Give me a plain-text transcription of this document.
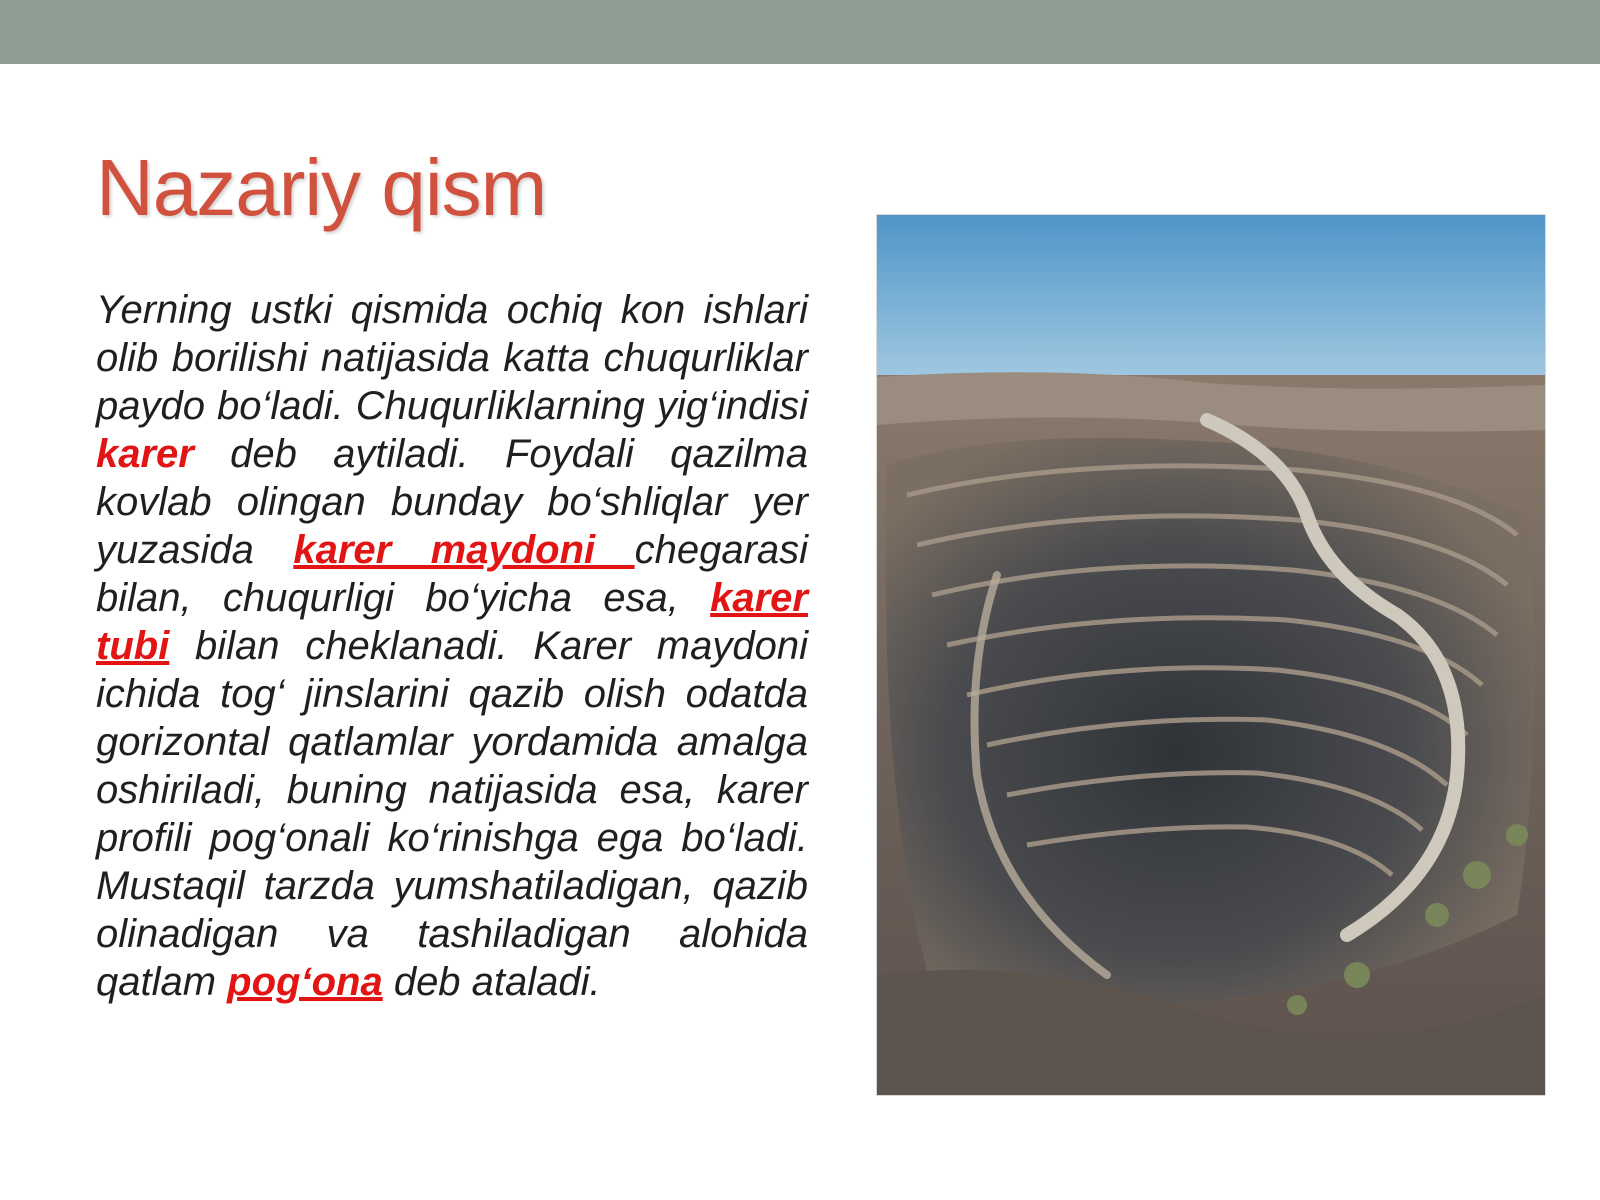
Nazariy qism

Yerning ustki qismida ochiq kon ishlari olib borilishi natijasida katta chuqurliklar paydo bo‘ladi. Chuqurliklarning yig‘indisi karer deb aytiladi. Foydali qazilma kovlab olingan bunday bo‘shliqlar yer yuzasida karer maydoni chegarasi bilan, chuqurligi bo‘yicha esa, karer tubi bilan cheklanadi. Karer maydoni ichida tog‘ jinslarini qazib olish odatda gorizontal qatlamlar yordamida amalga oshiriladi, buning natijasida esa, karer profili pog‘onali ko‘rinishga ega bo‘ladi. Mustaqil tarzda yumshatiladigan, qazib olinadigan va tashiladigan alohida qatlam pog‘ona deb ataladi.
